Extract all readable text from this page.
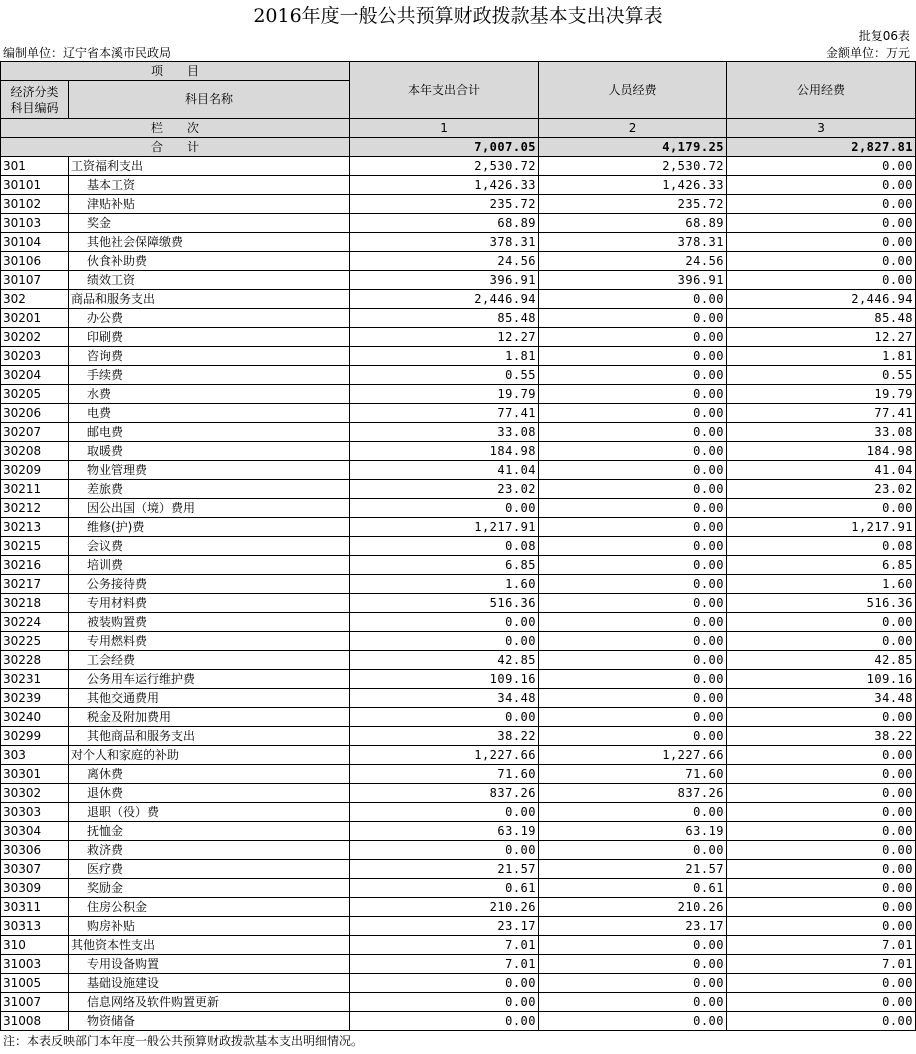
2016年度一般公共预算财政拨款基本支出决算表
批复06表
编制单位：辽宁省本溪市民政局	金额单位：万元
项　　目		本年支出合计	人员经费	公用经费

经济分类
科目编码	科目名称			
栏　　次		1	2	3
合　　计		7,007.05	4,179.25	2,827.81
301	工资福利支出	2,530.72	2,530.72	0.00
30101	基本工资	1,426.33	1,426.33	0.00
30102	津贴补贴	235.72	235.72	0.00
30103	奖金	68.89	68.89	0.00
30104	其他社会保障缴费	378.31	378.31	0.00
30106	伙食补助费	24.56	24.56	0.00
30107	绩效工资	396.91	396.91	0.00
302	商品和服务支出	2,446.94	0.00	2,446.94
30201	办公费	85.48	0.00	85.48
30202	印刷费	12.27	0.00	12.27
30203	咨询费	1.81	0.00	1.81
30204	手续费	0.55	0.00	0.55
30205	水费	19.79	0.00	19.79
30206	电费	77.41	0.00	77.41
30207	邮电费	33.08	0.00	33.08
30208	取暖费	184.98	0.00	184.98
30209	物业管理费	41.04	0.00	41.04
30211	差旅费	23.02	0.00	23.02
30212	因公出国（境）费用	0.00	0.00	0.00
30213	维修(护)费	1,217.91	0.00	1,217.91
30215	会议费	0.08	0.00	0.08
30216	培训费	6.85	0.00	6.85
30217	公务接待费	1.60	0.00	1.60
30218	专用材料费	516.36	0.00	516.36
30224	被装购置费	0.00	0.00	0.00
30225	专用燃料费	0.00	0.00	0.00
30228	工会经费	42.85	0.00	42.85
30231	公务用车运行维护费	109.16	0.00	109.16
30239	其他交通费用	34.48	0.00	34.48
30240	税金及附加费用	0.00	0.00	0.00
30299	其他商品和服务支出	38.22	0.00	38.22
303	对个人和家庭的补助	1,227.66	1,227.66	0.00
30301	离休费	71.60	71.60	0.00
30302	退休费	837.26	837.26	0.00
30303	退职（役）费	0.00	0.00	0.00
30304	抚恤金	63.19	63.19	0.00
30306	救济费	0.00	0.00	0.00
30307	医疗费	21.57	21.57	0.00
30309	奖励金	0.61	0.61	0.00
30311	住房公积金	210.26	210.26	0.00
30313	购房补贴	23.17	23.17	0.00
310	其他资本性支出	7.01	0.00	7.01
31003	专用设备购置	7.01	0.00	7.01
31005	基础设施建设	0.00	0.00	0.00
31007	信息网络及软件购置更新	0.00	0.00	0.00
31008	物资储备	0.00	0.00	0.00
注：本表反映部门本年度一般公共预算财政拨款基本支出明细情况。
